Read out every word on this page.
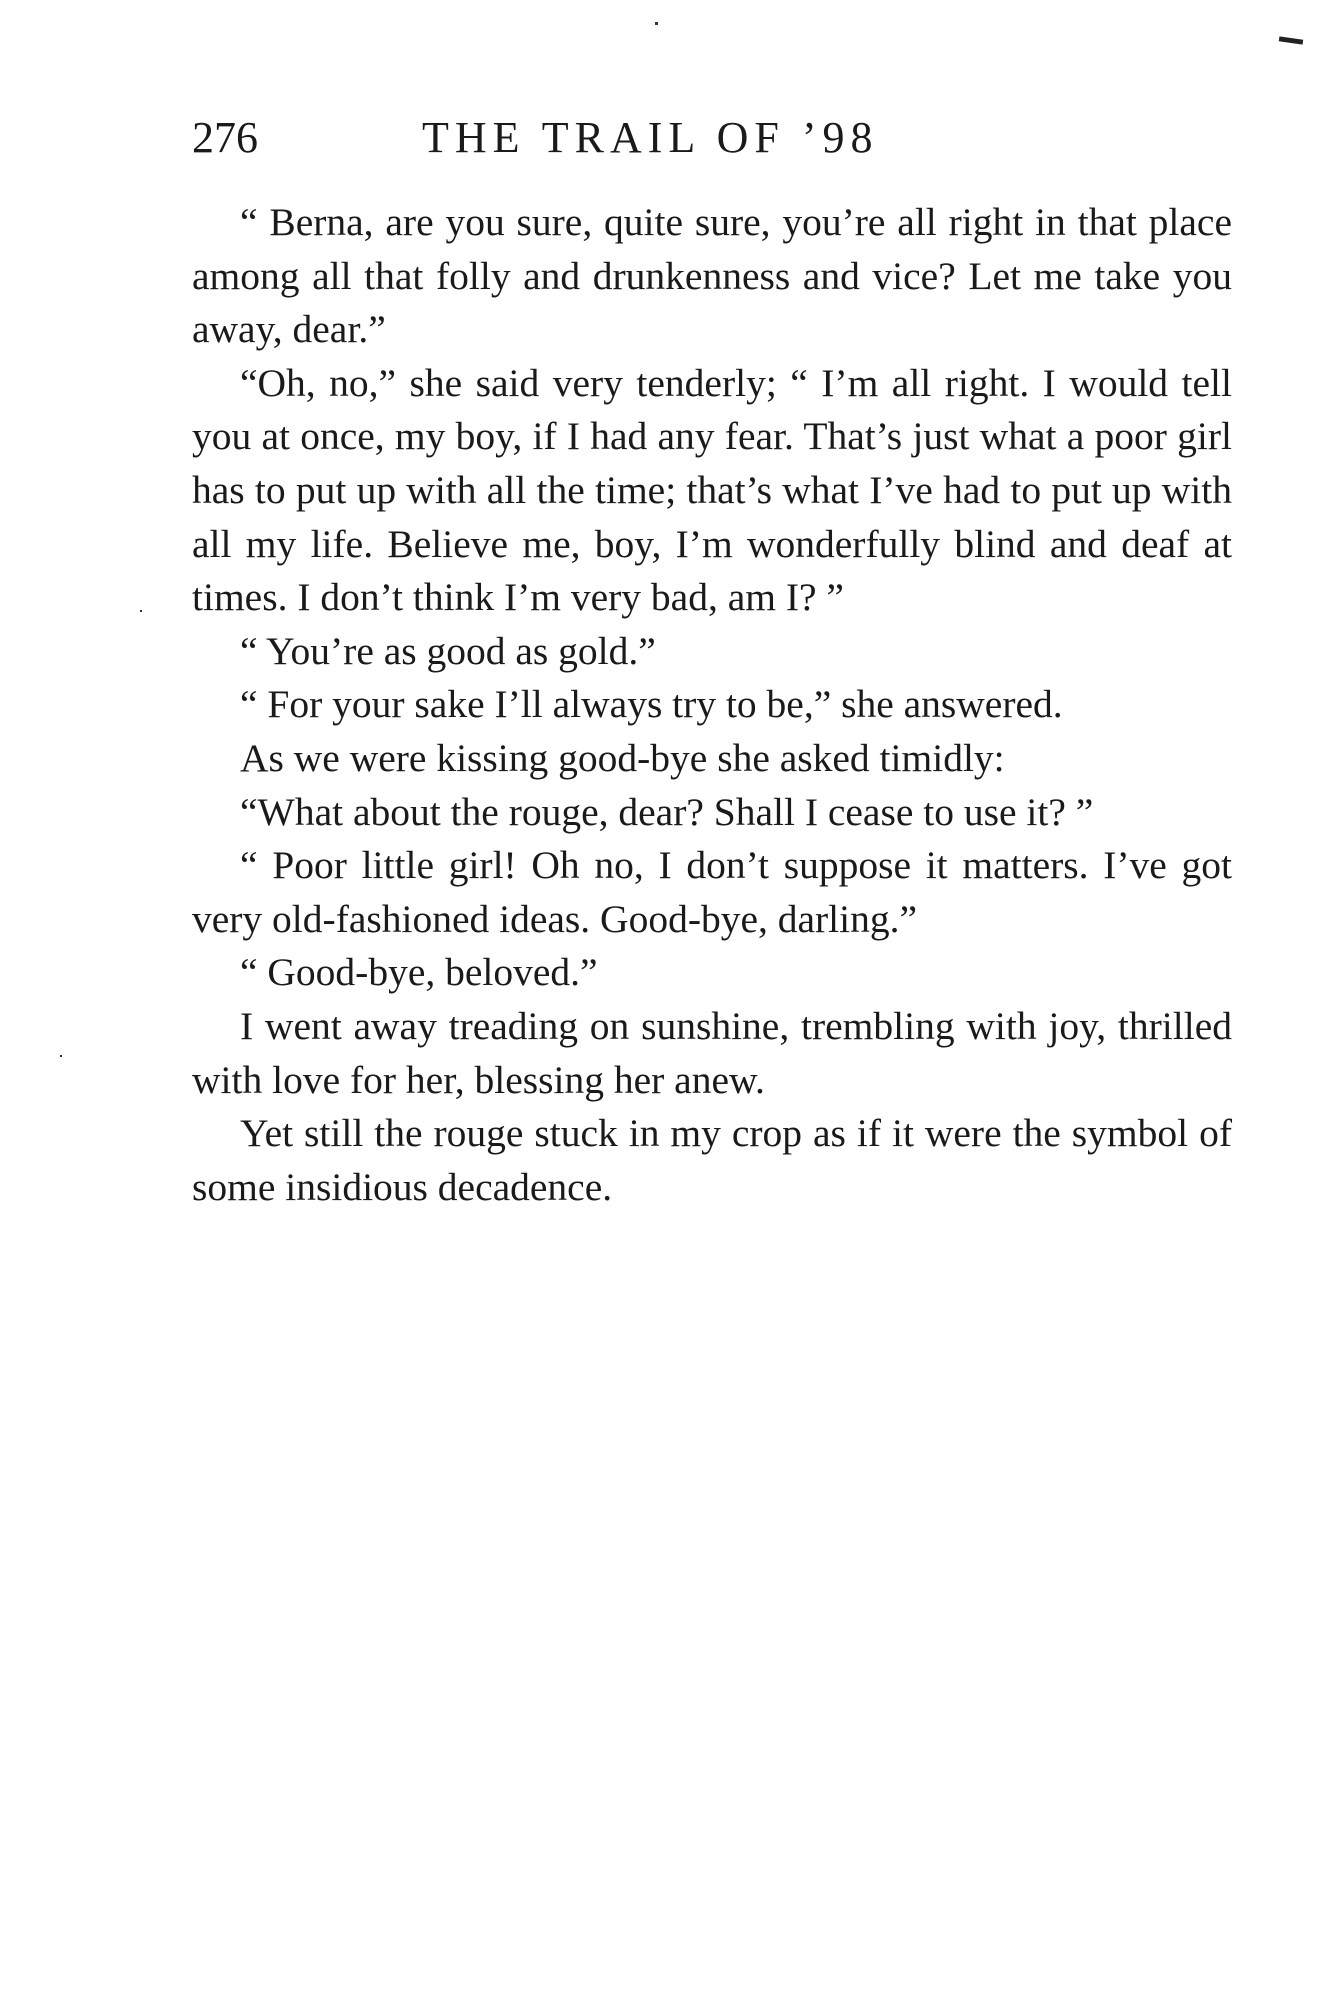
276	THE TRAIL OF ’98

“ Berna, are you sure, quite sure, you’re all right in that place among all that folly and drunkenness and vice? Let me take you away, dear.”

“Oh, no,” she said very tenderly; “ I’m all right. I would tell you at once, my boy, if I had any fear. That’s just what a poor girl has to put up with all the time; that’s what I’ve had to put up with all my life. Believe me, boy, I’m wonderfully blind and deaf at times. I don’t think I’m very bad, am I? ”

“ You’re as good as gold.”

“ For your sake I’ll always try to be,” she answered.

As we were kissing good-bye she asked timidly:

“What about the rouge, dear? Shall I cease to use it? ”

“ Poor little girl! Oh no, I don’t suppose it matters. I’ve got very old-fashioned ideas. Good-bye, darling.”

“ Good-bye, beloved.”

I went away treading on sunshine, trembling with joy, thrilled with love for her, blessing her anew.

Yet still the rouge stuck in my crop as if it were the symbol of some insidious decadence.
